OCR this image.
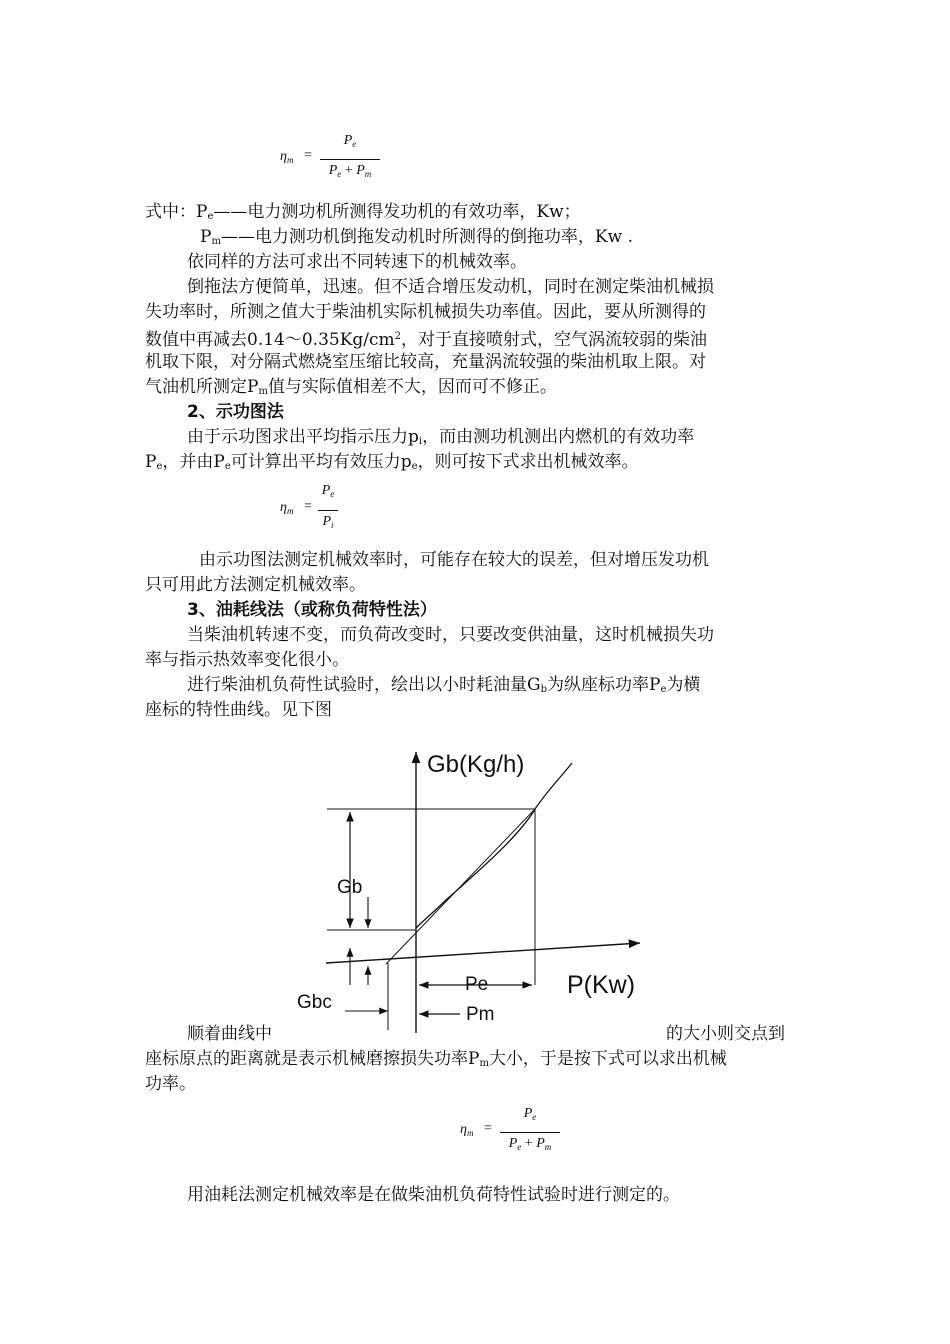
$\eta_m$ =
$P_e$
$P_e + P_m$
式中：$P_e——$电力测功机所测得发功机的有效功率，Kw；
$P_m——$电力测功机倒拖发动机时所测得的倒拖功率，Kw .
依同样的方法可求出不同转速下的机械效率。
倒拖法方便简单，迅速。但不适合增压发动机，同时在测定柴油机械损
失功率时，所测之值大于柴油机实际机械损失功率值。因此，要从所测得的
数值中再减去$0.14\sim 0.35Kg/cm^2$，对于直接喷射式，空气涡流较弱的柴油
机取下限，对分隔式燃烧室压缩比较高，充量涡流较强的柴油机取上限。对
气油机所测定$P_m$值与实际值相差不大，因而可不修正。
2、示功图法
由于示功图求出平均指示压力$p_i$，而由测功机测出内燃机的有效功率
$P_e$，并由$P_e$可计算出平均有效压力$p_e$，则可按下式求出机械效率。
$\eta_m$ =
$P_e$
$P_i$
由示功图法测定机械效率时，可能存在较大的误差，但对增压发功机
只可用此方法测定机械效率。
3、油耗线法（或称负荷特性法）
当柴油机转速不变，而负荷改变时，只要改变供油量，这时机械损失功
率与指示热效率变化很小。
进行柴油机负荷性试验时，绘出以小时耗油量$G_b$为纵座标功率$P_e$为横
座标的特性曲线。见下图
Gb
Gbc
Pe
Pm
Gb(Kg/h)
P(Kw)
顺着曲线中	的大小则交点到
座标原点的距离就是表示机械磨擦损失功率$P_m$大小，于是按下式可以求出机械
功率。
$\eta_m$ =
$P_e$
$P_e + P_m$
用油耗法测定机械效率是在做柴油机负荷特性试验时进行测定的。
